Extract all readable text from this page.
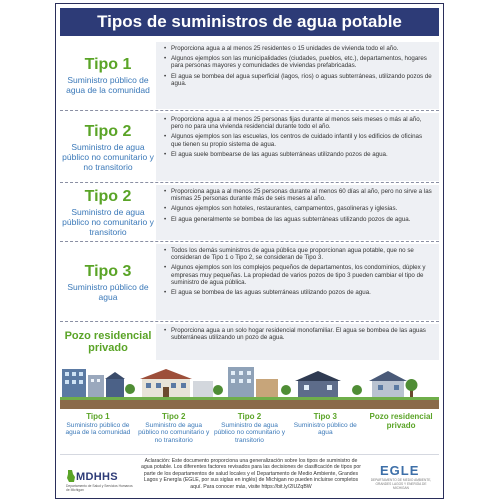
Tipos de suministros de agua potable
Tipo 1
Suministro público de agua de la comunidad
• Proporciona agua a al menos 25 residentes o 15 unidades de vivienda todo el año.
• Algunos ejemplos son las municipalidades (ciudades, pueblos, etc.), departamentos, hogares para personas mayores y comunidades de viviendas prefabricadas.
• El agua se bombea del agua superficial (lagos, ríos) o aguas subterráneas, utilizando pozos de agua.
Tipo 2
Suministro de agua público no comunitario y no transitorio
• Proporciona agua a al menos 25 personas fijas durante al menos seis meses o más al año, pero no para una vivienda residencial durante todo el año.
• Algunos ejemplos son las escuelas, los centros de cuidado infantil y los edificios de oficinas que tienen su propio sistema de agua.
• El agua suele bombearse de las aguas subterráneas utilizando pozos de agua.
Tipo 2
Suministro de agua público no comunitario y transitorio
• Proporciona agua a al menos 25 personas durante al menos 60 días al año, pero no sirve a las mismas 25 personas durante más de seis meses al año.
• Algunos ejemplos son hoteles, restaurantes, campamentos, gasolineras y iglesias.
• El agua generalmente se bombea de las aguas subterráneas utilizando pozos de agua.
Tipo 3
Suministro público de agua
• Todos los demás suministros de agua pública que proporcionan agua potable, que no se consideran de Tipo 1 o Tipo 2, se consideran de Tipo 3.
• Algunos ejemplos son los complejos pequeños de departamentos, los condominios, dúplex y empresas muy pequeñas. La propiedad de varios pozos de tipo 3 pueden cambiar el tipo de suministro de agua pública.
• El agua se bombea de las aguas subterráneas utilizando pozos de agua.
Pozo residencial privado
• Proporciona agua a un solo hogar residencial monofamiliar. El agua se bombea de las aguas subterráneas utilizando un pozo de agua.
Tipo 1
Suministro público de agua de la comunidad
Tipo 2
Suministro de agua público no comunitario y no transitorio
Tipo 2
Suministro de agua público no comunitario y transitorio
Tipo 3
Suministro público de agua
Pozo residencial privado
MDHHS
Departamento de Salud y Servicios Humanos de Michigan
Aclaración: Este documento proporciona una generalización sobre los tipos de suministro de agua potable. Los diferentes factores revisados para las decisiones de clasificación de tipos por parte de los departamentos de salud locales y el Departamento de Medio Ambiente, Grandes Lagos y Energía (EGLE, por sus siglas en inglés) de Michigan no pueden incluirse completos aquí. Para conocer más, visite https://bit.ly/2IUZqBW
EGLE
DEPARTAMENTO DE MEDIO AMBIENTE, GRANDES LAGOS Y ENERGÍA DE MICHIGAN
